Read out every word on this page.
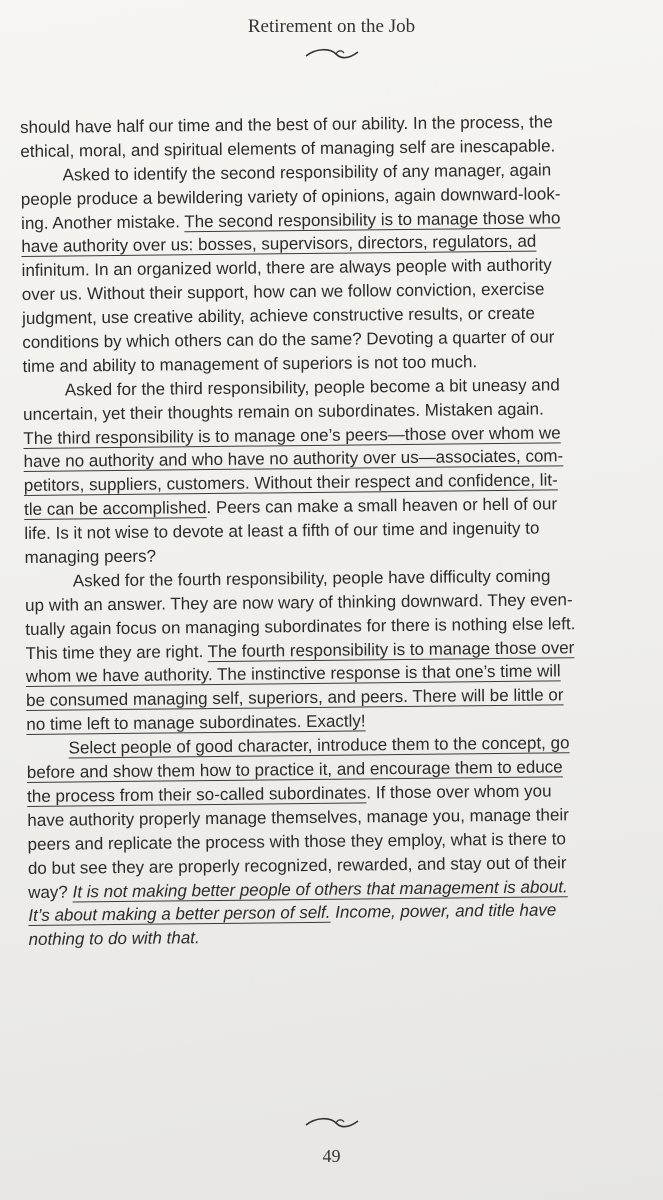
Retirement on the Job
should have half our time and the best of our ability. In the process, the
ethical, moral, and spiritual elements of managing self are inescapable.
Asked to identify the second responsibility of any manager, again
people produce a bewildering variety of opinions, again downward-look-
ing. Another mistake. The second responsibility is to manage those who
have authority over us: bosses, supervisors, directors, regulators, ad
infinitum. In an organized world, there are always people with authority
over us. Without their support, how can we follow conviction, exercise
judgment, use creative ability, achieve constructive results, or create
conditions by which others can do the same? Devoting a quarter of our
time and ability to management of superiors is not too much.
Asked for the third responsibility, people become a bit uneasy and
uncertain, yet their thoughts remain on subordinates. Mistaken again.
The third responsibility is to manage one’s peers—those over whom we
have no authority and who have no authority over us—associates, com-
petitors, suppliers, customers. Without their respect and confidence, lit-
tle can be accomplished. Peers can make a small heaven or hell of our
life. Is it not wise to devote at least a fifth of our time and ingenuity to
managing peers?
Asked for the fourth responsibility, people have difficulty coming
up with an answer. They are now wary of thinking downward. They even-
tually again focus on managing subordinates for there is nothing else left.
This time they are right. The fourth responsibility is to manage those over
whom we have authority. The instinctive response is that one’s time will
be consumed managing self, superiors, and peers. There will be little or
no time left to manage subordinates. Exactly!
Select people of good character, introduce them to the concept, go
before and show them how to practice it, and encourage them to educe
the process from their so-called subordinates. If those over whom you
have authority properly manage themselves, manage you, manage their
peers and replicate the process with those they employ, what is there to
do but see they are properly recognized, rewarded, and stay out of their
way? It is not making better people of others that management is about.
It’s about making a better person of self. Income, power, and title have
nothing to do with that.
49
